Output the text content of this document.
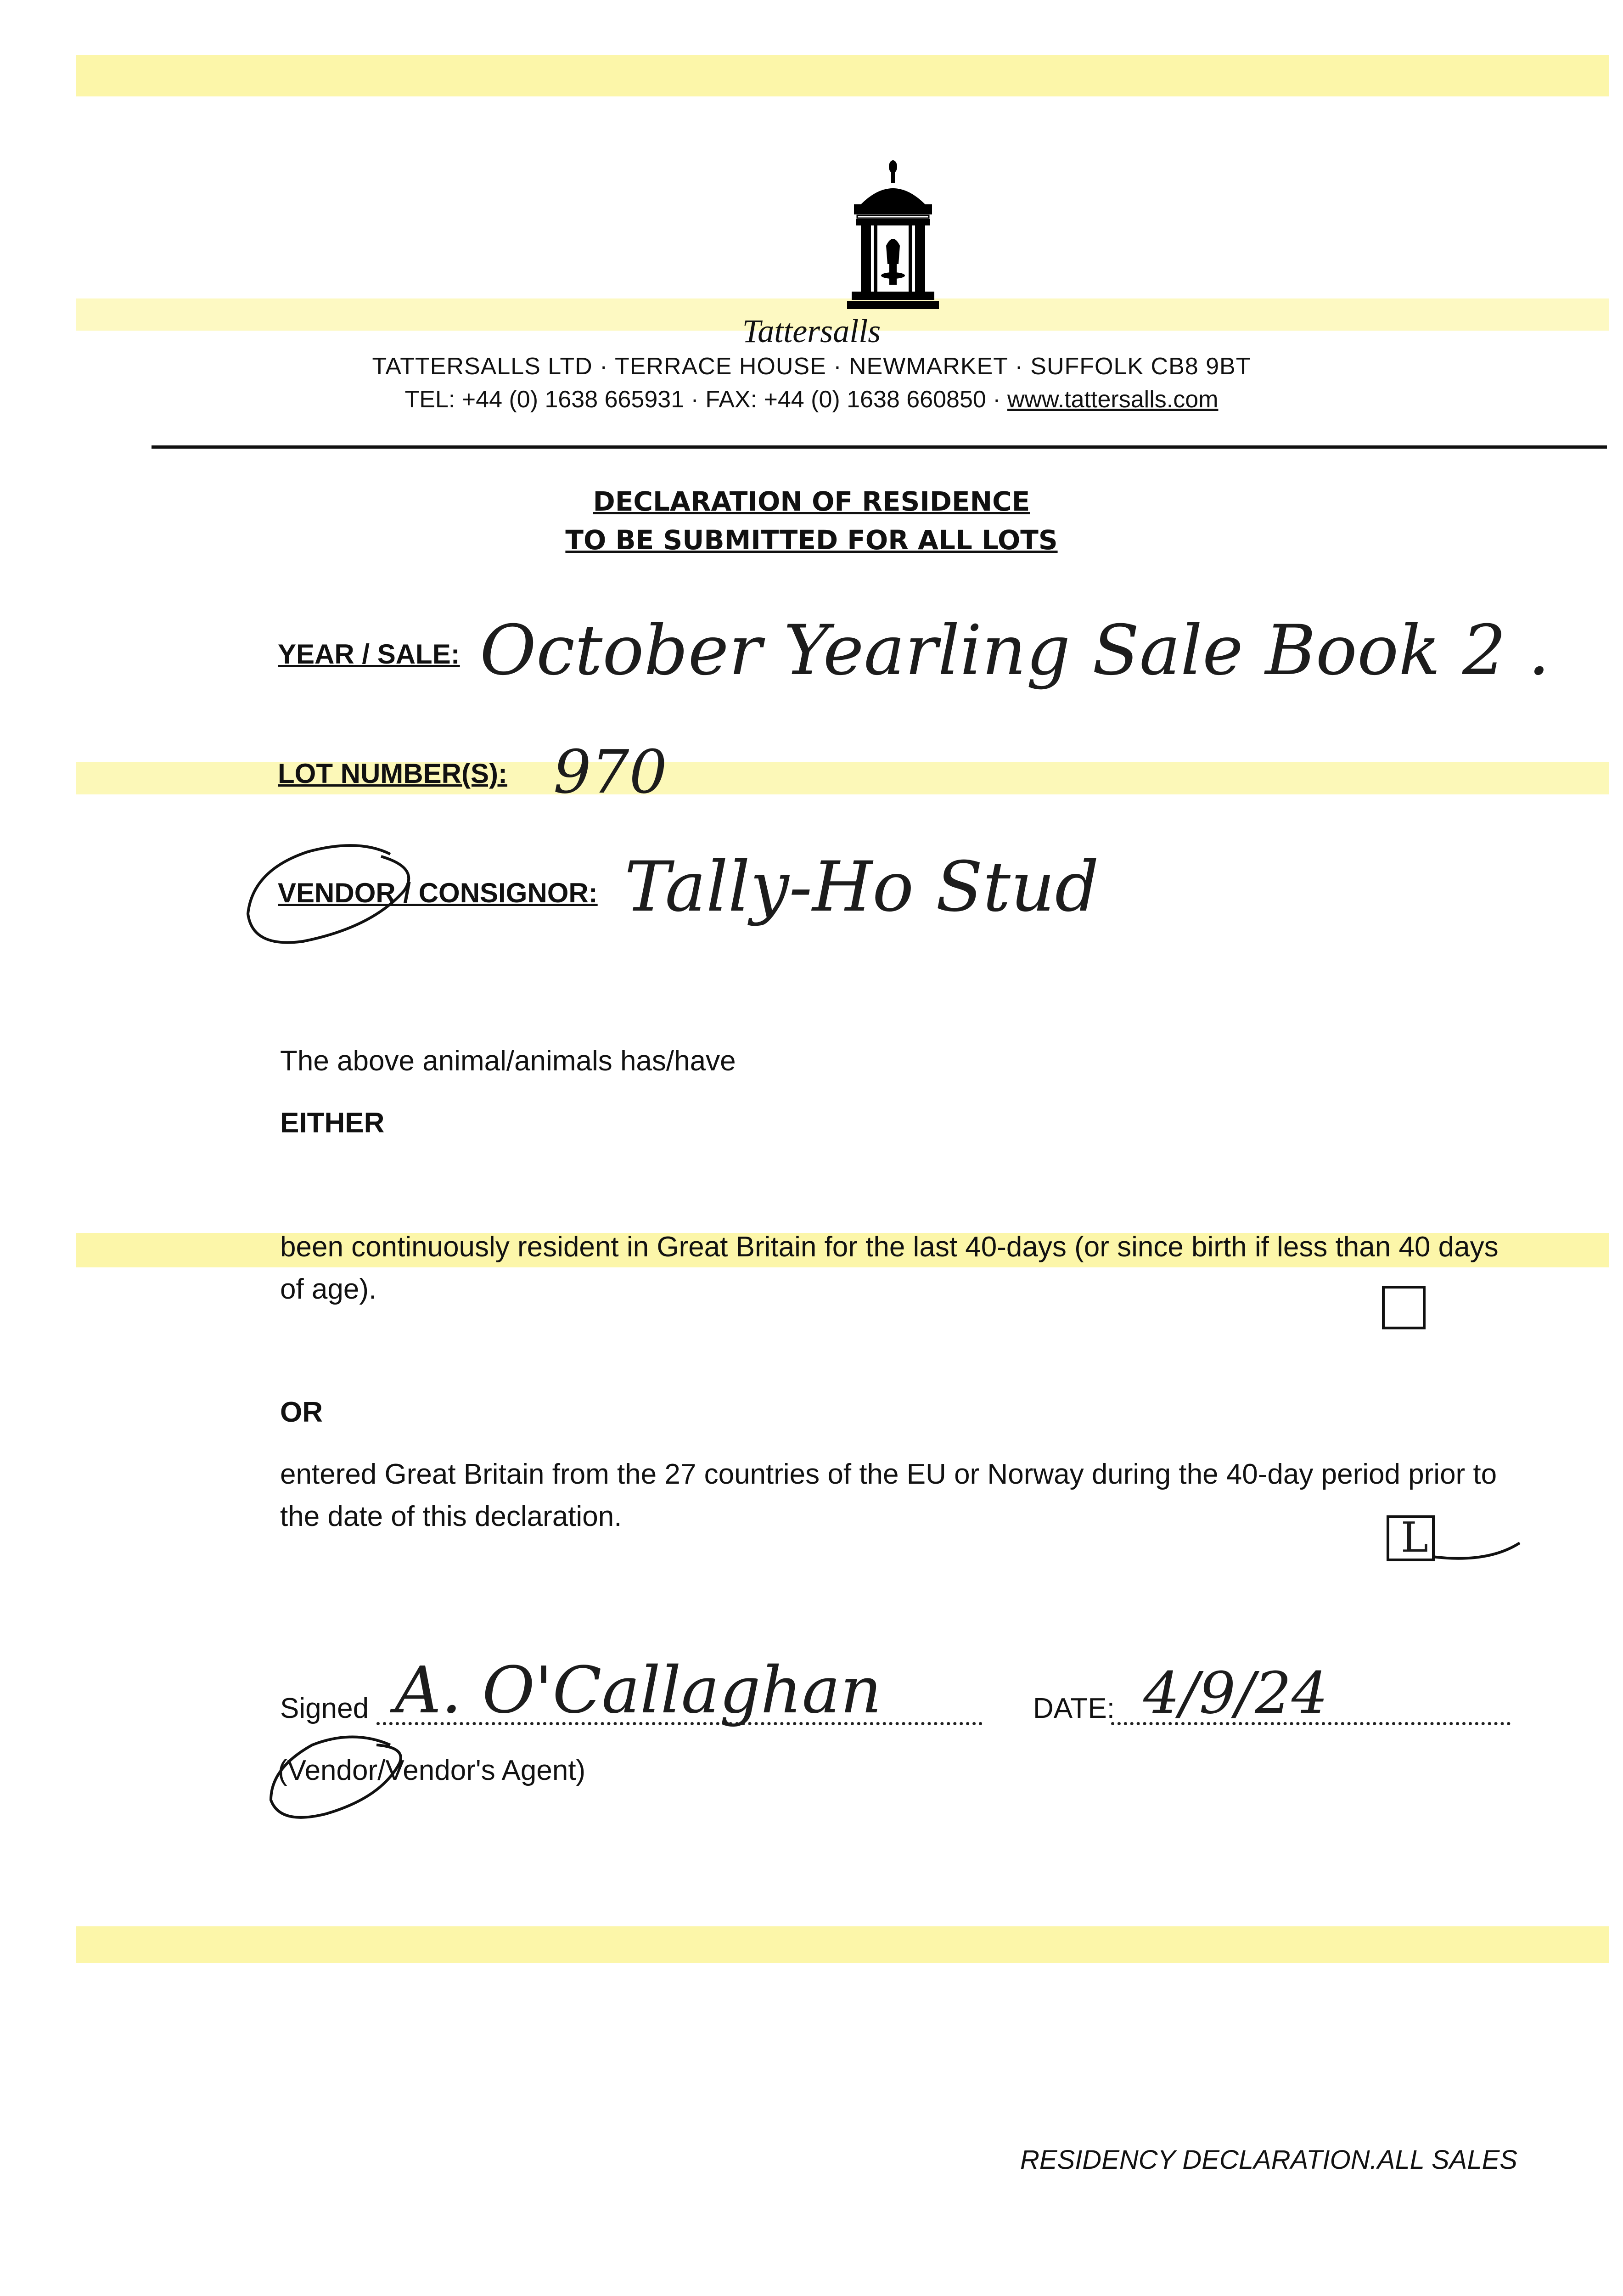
Tattersalls
TATTERSALLS LTD · TERRACE HOUSE · NEWMARKET · SUFFOLK CB8 9BT
TEL: +44 (0) 1638 665931 · FAX: +44 (0) 1638 660850 · www.tattersalls.com
DECLARATION OF RESIDENCE
TO BE SUBMITTED FOR ALL LOTS
YEAR / SALE: October Yearling Sale Book 2 .
LOT NUMBER(S): 970
VENDOR / CONSIGNOR: Tally-Ho Stud
The above animal/animals has/have
EITHER
been continuously resident in Great Britain for the last 40-days (or since birth if less than 40 days of age).
OR
entered Great Britain from the 27 countries of the EU or Norway during the 40-day period prior to the date of this declaration.	L
Signed A. O'Callaghan	DATE: 4/9/24
(Vendor/Vendor's Agent)
RESIDENCY DECLARATION.ALL SALES
